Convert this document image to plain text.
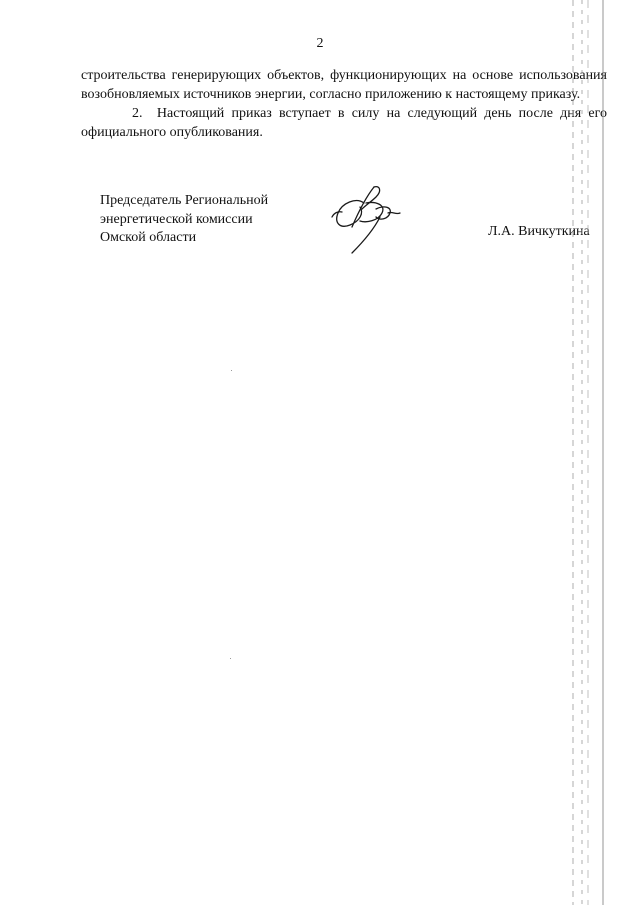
2

строительства генерирующих объектов, функционирующих на основе использования возобновляемых источников энергии, согласно приложению к настоящему приказу.

2.  Настоящий приказ вступает в силу на следующий день после дня его официального опубликования.

Председатель Региональной
энергетической комиссии
Омской области	Л.А. Вичкуткина
